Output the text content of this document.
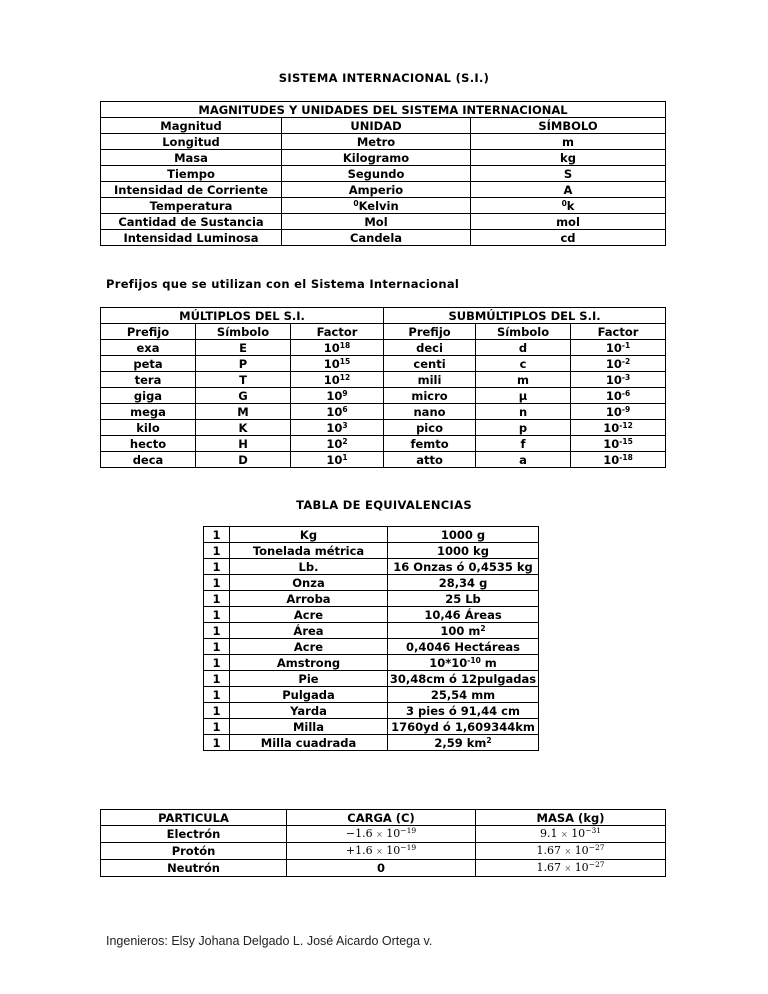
SISTEMA INTERNACIONAL (S.I.)
MAGNITUDES Y UNIDADES DEL SISTEMA INTERNACIONAL		
Magnitud	UNIDAD	SÍMBOLO
Longitud	Metro	m
Masa	Kilogramo	kg
Tiempo	Segundo	S
Intensidad de Corriente	Amperio	A
Temperatura	$^0$Kelvin	$^0$k
Cantidad de Sustancia	Mol	mol
Intensidad Luminosa	Candela	cd
Prefijos que se utilizan con el Sistema Internacional
MÚLTIPLOS DEL S.I.			SUBMÚLTIPLOS DEL S.I.		
Prefijo	Símbolo	Factor	Prefijo	Símbolo	Factor
exa	E	$10^{18}$	deci	d	$10^{-1}$
peta	P	$10^{15}$	centi	c	$10^{-2}$
tera	T	$10^{12}$	mili	m	$10^{-3}$
giga	G	$10^9$	micro	µ	$10^{-6}$
mega	M	$10^6$	nano	n	$10^{-9}$
kilo	K	$10^3$	pico	p	$10^{-12}$
hecto	H	$10^2$	femto	f	$10^{-15}$
deca	D	$10^1$	atto	a	$10^{-18}$
TABLA DE EQUIVALENCIAS
1	Kg	1000 g
1	Tonelada métrica	1000 kg
1	Lb.	16 Onzas ó 0,4535 kg
1	Onza	28,34 g
1	Arroba	25 Lb
1	Acre	10,46 Áreas
1	Área	100 $m^2$
1	Acre	0,4046 Hectáreas
1	Amstrong	$10*10^{-10}$ m
1	Pie	30,48cm ó 12pulgadas
1	Pulgada	25,54 mm
1	Yarda	3 pies ó 91,44 cm
1	Milla	1760yd ó 1,609344km
1	Milla cuadrada	2,59 $km^2$
PARTICULA	CARGA (C)	MASA (kg)
Electrón	$-1.6 \times 10^{-19}$	$9.1 \times 10^{-31}$
Protón	$+1.6 \times 10^{-19}$	$1.67 \times 10^{-27}$
Neutrón	0	$1.67 \times 10^{-27}$
Ingenieros: Elsy Johana Delgado L. José Aicardo Ortega v.
